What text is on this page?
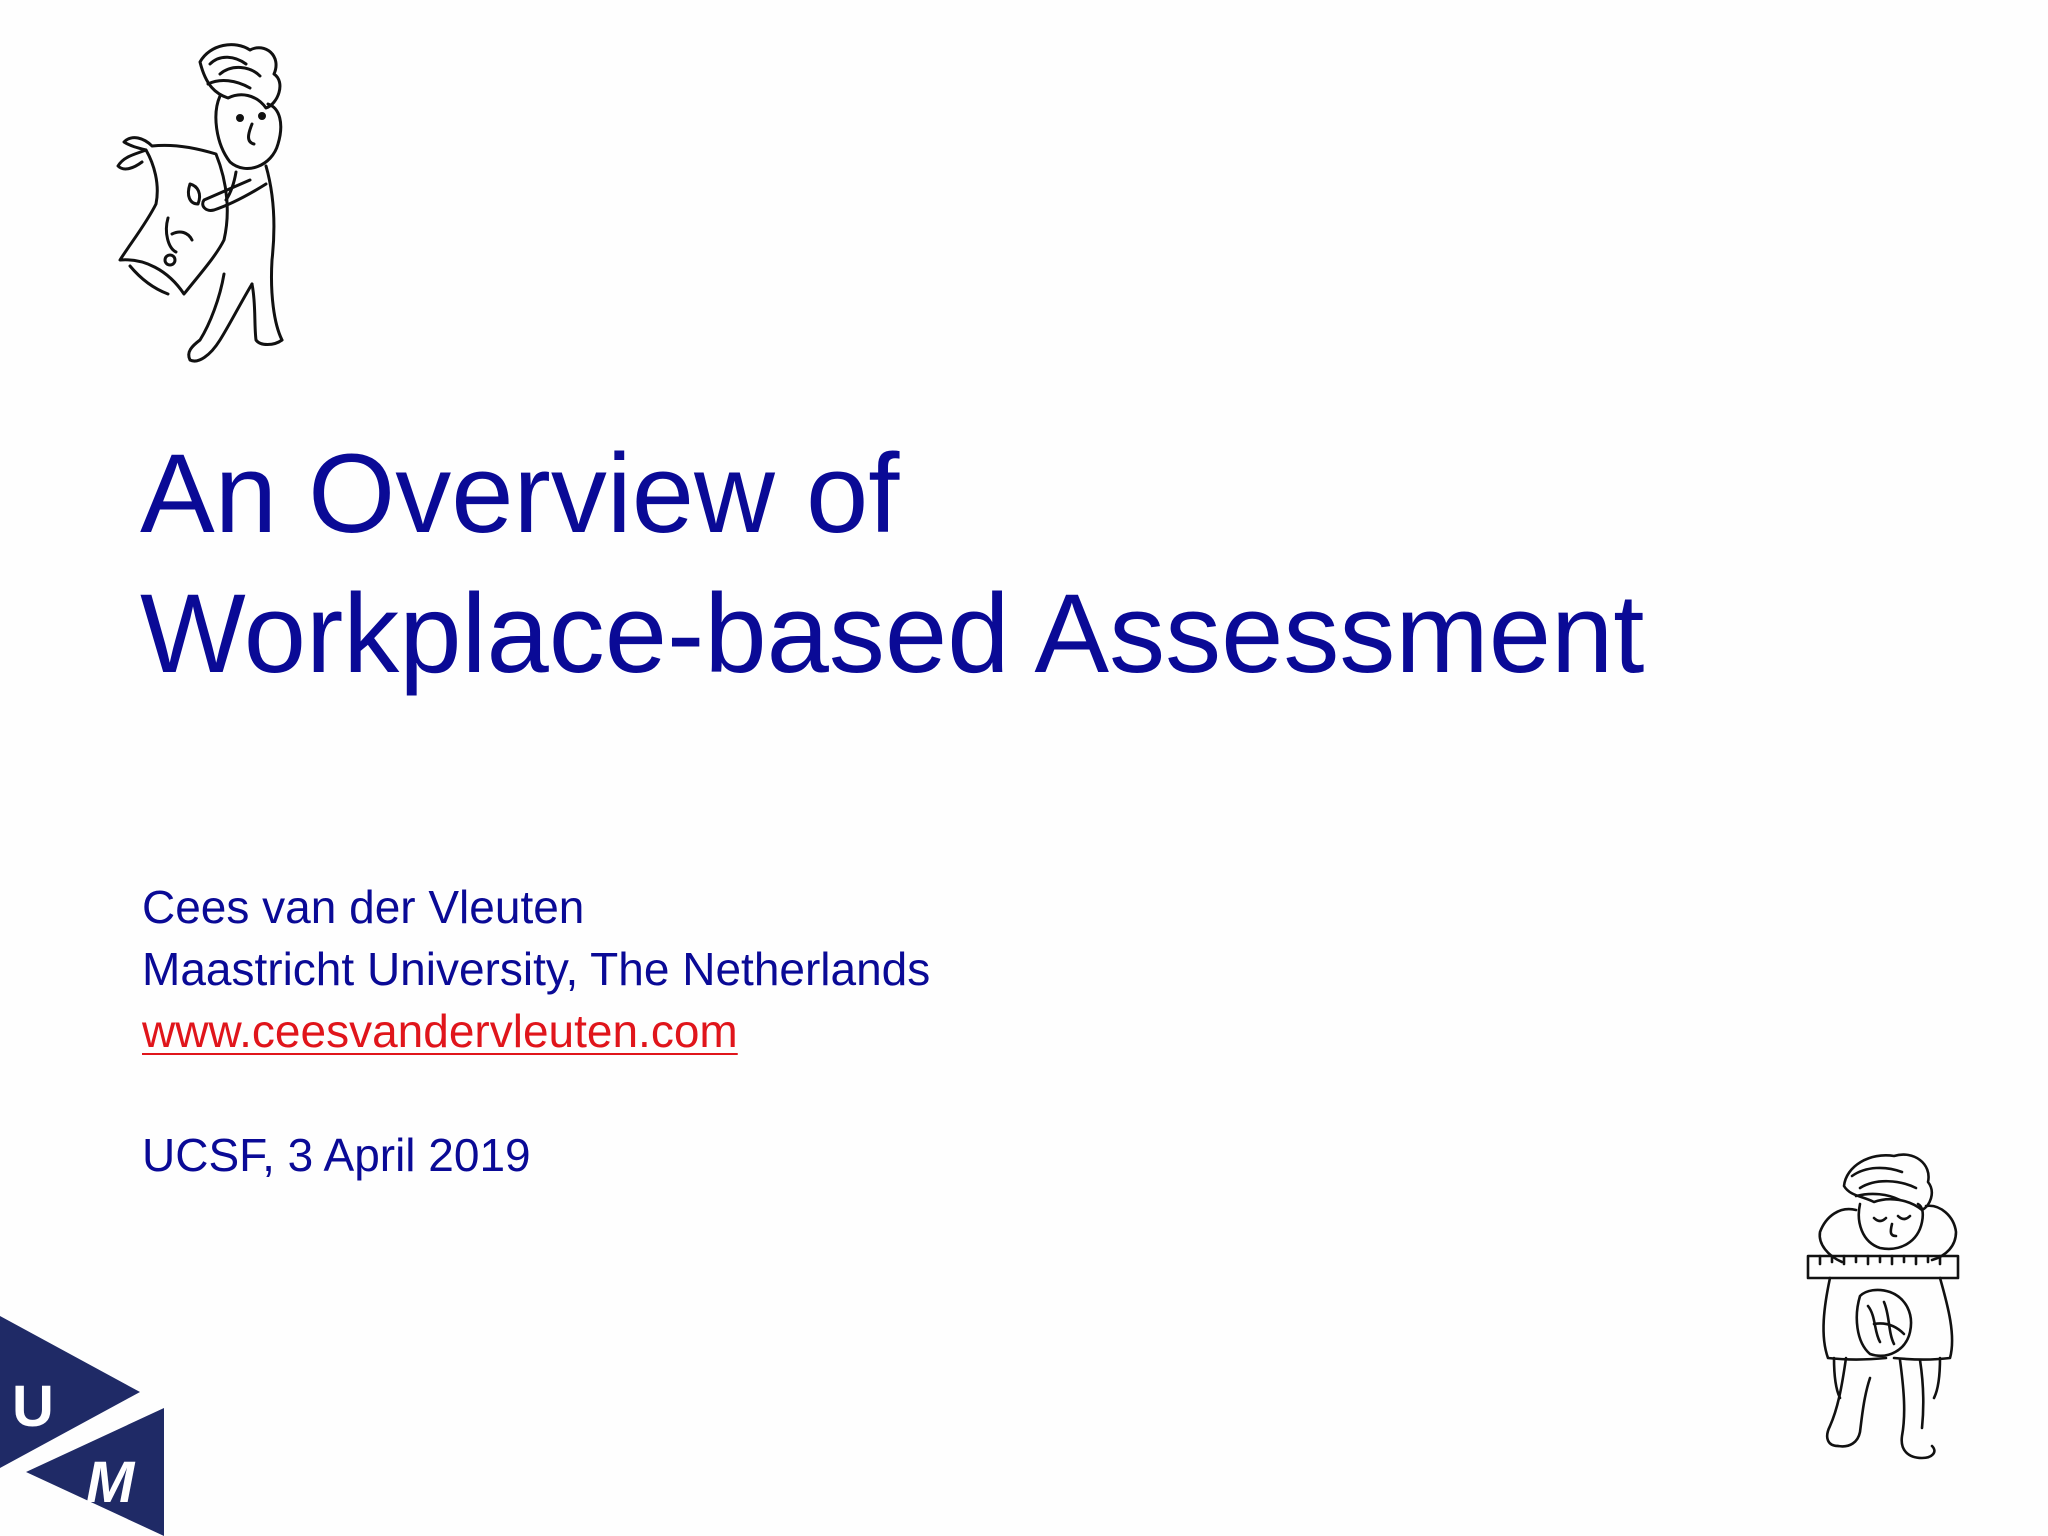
An Overview of
Workplace-based Assessment
Cees van der Vleuten
Maastricht University, The Netherlands
www.ceesvandervleuten.com
UCSF, 3 April 2019
U
M
